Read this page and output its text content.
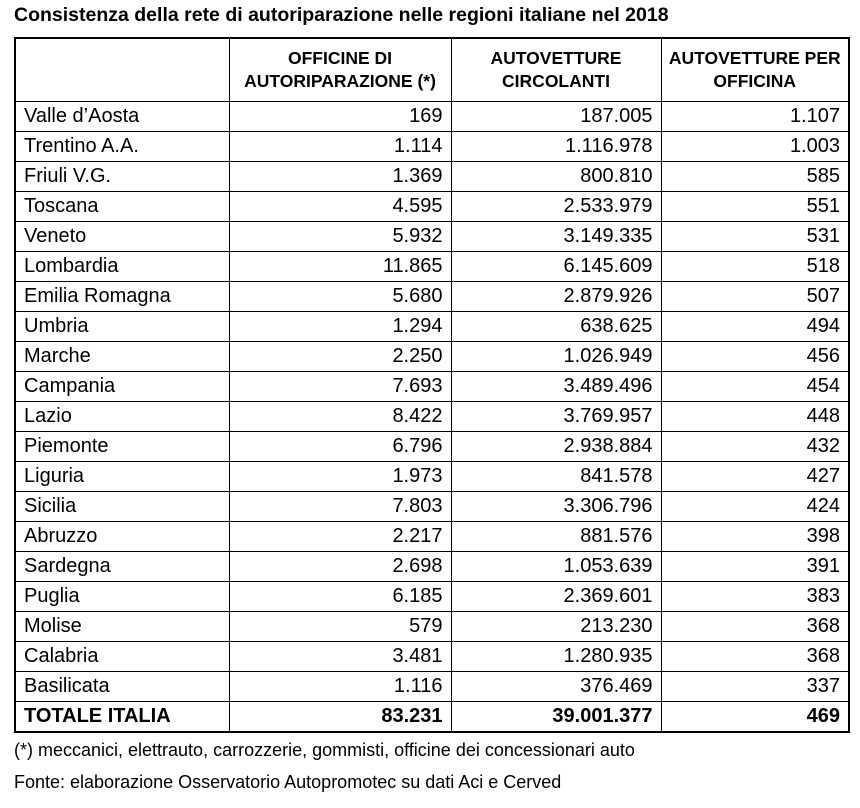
Consistenza della rete di autoriparazione nelle regioni italiane nel 2018
	OFFICINE DI AUTORIPARAZIONE (*)	AUTOVETTURE CIRCOLANTI	AUTOVETTURE PER OFFICINA
Valle d’Aosta	169	187.005	1.107
Trentino A.A.	1.114	1.116.978	1.003
Friuli V.G.	1.369	800.810	585
Toscana	4.595	2.533.979	551
Veneto	5.932	3.149.335	531
Lombardia	11.865	6.145.609	518
Emilia Romagna	5.680	2.879.926	507
Umbria	1.294	638.625	494
Marche	2.250	1.026.949	456
Campania	7.693	3.489.496	454
Lazio	8.422	3.769.957	448
Piemonte	6.796	2.938.884	432
Liguria	1.973	841.578	427
Sicilia	7.803	3.306.796	424
Abruzzo	2.217	881.576	398
Sardegna	2.698	1.053.639	391
Puglia	6.185	2.369.601	383
Molise	579	213.230	368
Calabria	3.481	1.280.935	368
Basilicata	1.116	376.469	337
TOTALE ITALIA	83.231	39.001.377	469
(*) meccanici, elettrauto, carrozzerie, gommisti, officine dei concessionari auto
Fonte: elaborazione Osservatorio Autopromotec su dati Aci e Cerved
